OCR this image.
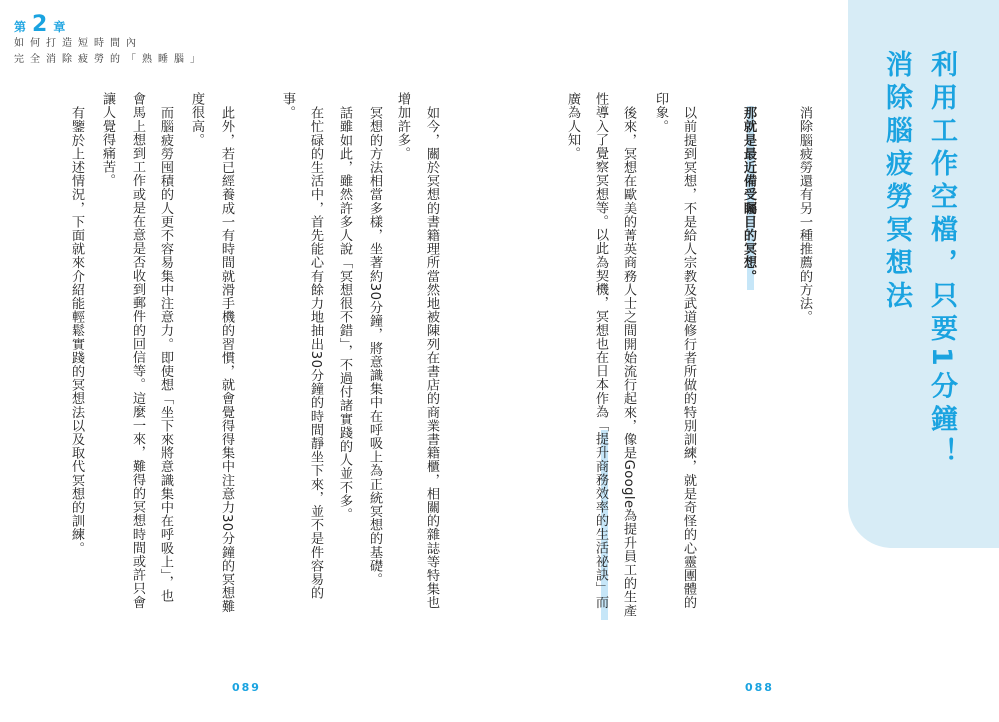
第 2 章
如何打造短時間內
完全消除疲勞的「熟睡腦」	利用工作空檔，只要1分鐘！
消除腦疲勞冥想法
消除腦疲勞還有另一種推薦的方法。
那就是最近備受矚目的冥想。
以前提到冥想，不是給人宗教及武道修行者所做的特別訓練，就是奇怪的心靈團體的
印象。
後來，冥想在歐美的菁英商務人士之間開始流行起來，像是Google為提升員工的生產
性導入了覺察冥想等。以此為契機，冥想也在日本作為「提升商務效率的生活祕訣」而
廣為人知。
如今，關於冥想的書籍理所當然地被陳列在書店的商業書籍櫃，相關的雜誌等特集也
增加許多。
冥想的方法相當多樣，坐著約30分鐘，將意識集中在呼吸上為正統冥想的基礎。
話雖如此，雖然許多人說「冥想很不錯」，不過付諸實踐的人並不多。
在忙碌的生活中，首先能心有餘力地抽出30分鐘的時間靜坐下來，並不是件容易的
事。
此外，若已經養成一有時間就滑手機的習慣，就會覺得得集中注意力30分鐘的冥想難
度很高。
而腦疲勞囤積的人更不容易集中注意力。即使想「坐下來將意識集中在呼吸上」，也
會馬上想到工作或是在意是否收到郵件的回信等。這麼一來，難得的冥想時間或許只會
讓人覺得痛苦。
有鑒於上述情況，下面就來介紹能輕鬆實踐的冥想法以及取代冥想的訓練。
089	088
